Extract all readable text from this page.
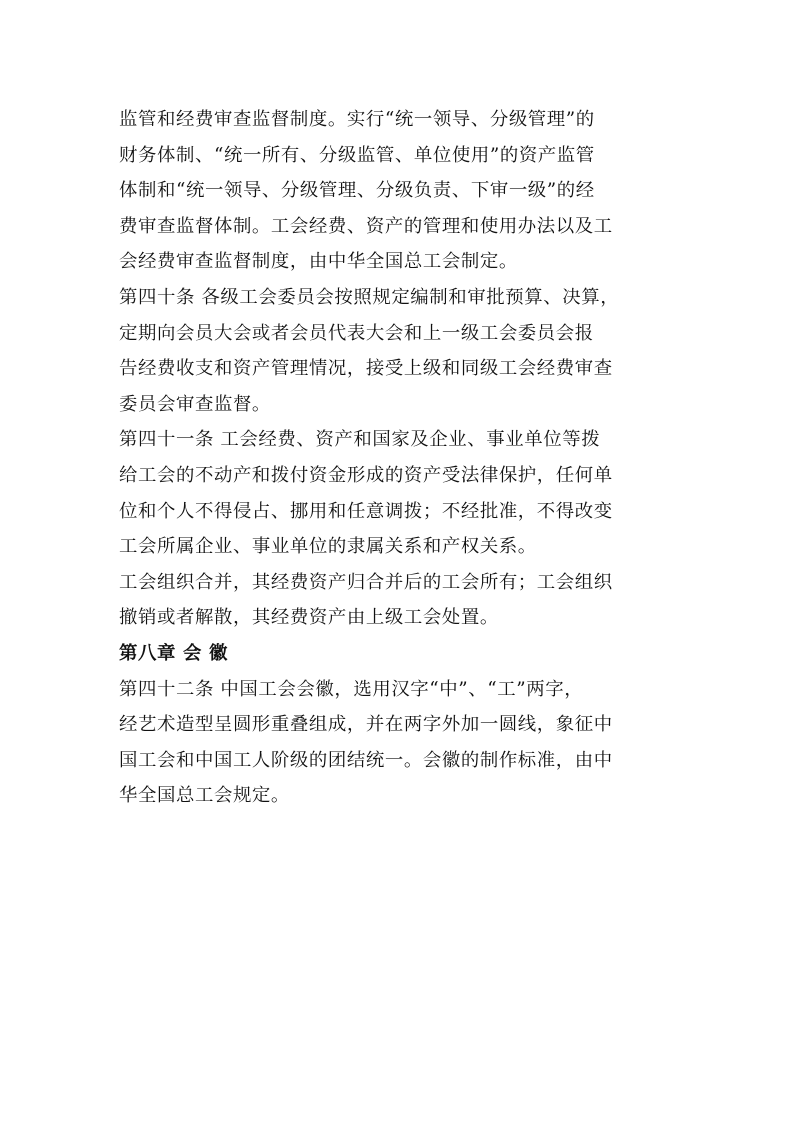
监管和经费审查监督制度。实行“统一领导、分级管理”的
财务体制、“统一所有、分级监管、单位使用”的资产监管
体制和“统一领导、分级管理、分级负责、下审一级”的经
费审查监督体制。工会经费、资产的管理和使用办法以及工
会经费审查监督制度，由中华全国总工会制定。
第四十条 各级工会委员会按照规定编制和审批预算、决算，
定期向会员大会或者会员代表大会和上一级工会委员会报
告经费收支和资产管理情况，接受上级和同级工会经费审查
委员会审查监督。
第四十一条 工会经费、资产和国家及企业、事业单位等拨
给工会的不动产和拨付资金形成的资产受法律保护，任何单
位和个人不得侵占、挪用和任意调拨；不经批准，不得改变
工会所属企业、事业单位的隶属关系和产权关系。
工会组织合并，其经费资产归合并后的工会所有；工会组织
撤销或者解散，其经费资产由上级工会处置。
第八章 会 徽
第四十二条 中国工会会徽，选用汉字“中”、“工”两字，
经艺术造型呈圆形重叠组成，并在两字外加一圆线，象征中
国工会和中国工人阶级的团结统一。会徽的制作标准，由中
华全国总工会规定。
